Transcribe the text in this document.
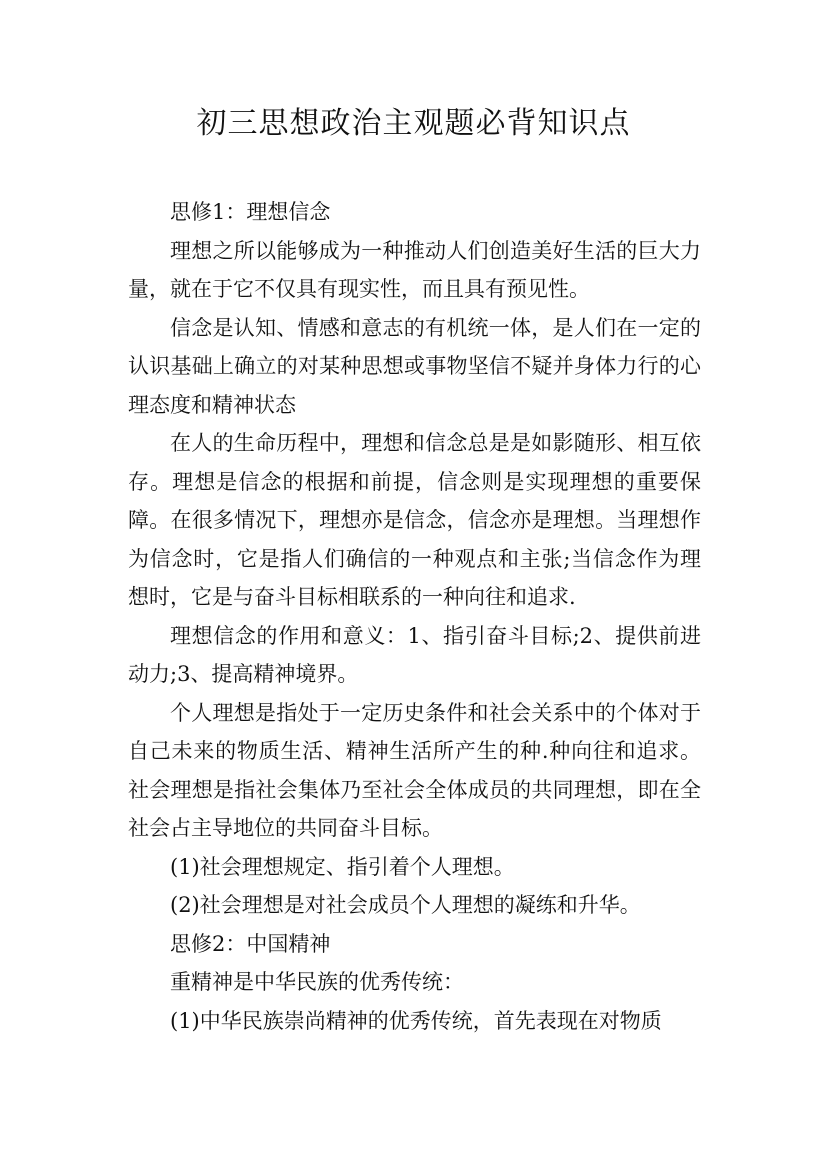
初三思想政治主观题必背知识点

思修1：理想信念

理想之所以能够成为一种推动人们创造美好生活的巨大力量，就在于它不仅具有现实性，而且具有预见性。

信念是认知、情感和意志的有机统一体，是人们在一定的认识基础上确立的对某种思想或事物坚信不疑并身体力行的心理态度和精神状态

在人的生命历程中，理想和信念总是是如影随形、相互依存。理想是信念的根据和前提，信念则是实现理想的重要保障。在很多情况下，理想亦是信念，信念亦是理想。当理想作为信念时，它是指人们确信的一种观点和主张;当信念作为理想时，它是与奋斗目标相联系的一种向往和追求.

理想信念的作用和意义：1、指引奋斗目标;2、提供前进动力;3、提高精神境界。

个人理想是指处于一定历史条件和社会关系中的个体对于自己未来的物质生活、精神生活所产生的种.种向往和追求。社会理想是指社会集体乃至社会全体成员的共同理想，即在全社会占主导地位的共同奋斗目标。

(1)社会理想规定、指引着个人理想。

(2)社会理想是对社会成员个人理想的凝练和升华。

思修2：中国精神

重精神是中华民族的优秀传统：

(1)中华民族崇尚精神的优秀传统，首先表现在对物质
